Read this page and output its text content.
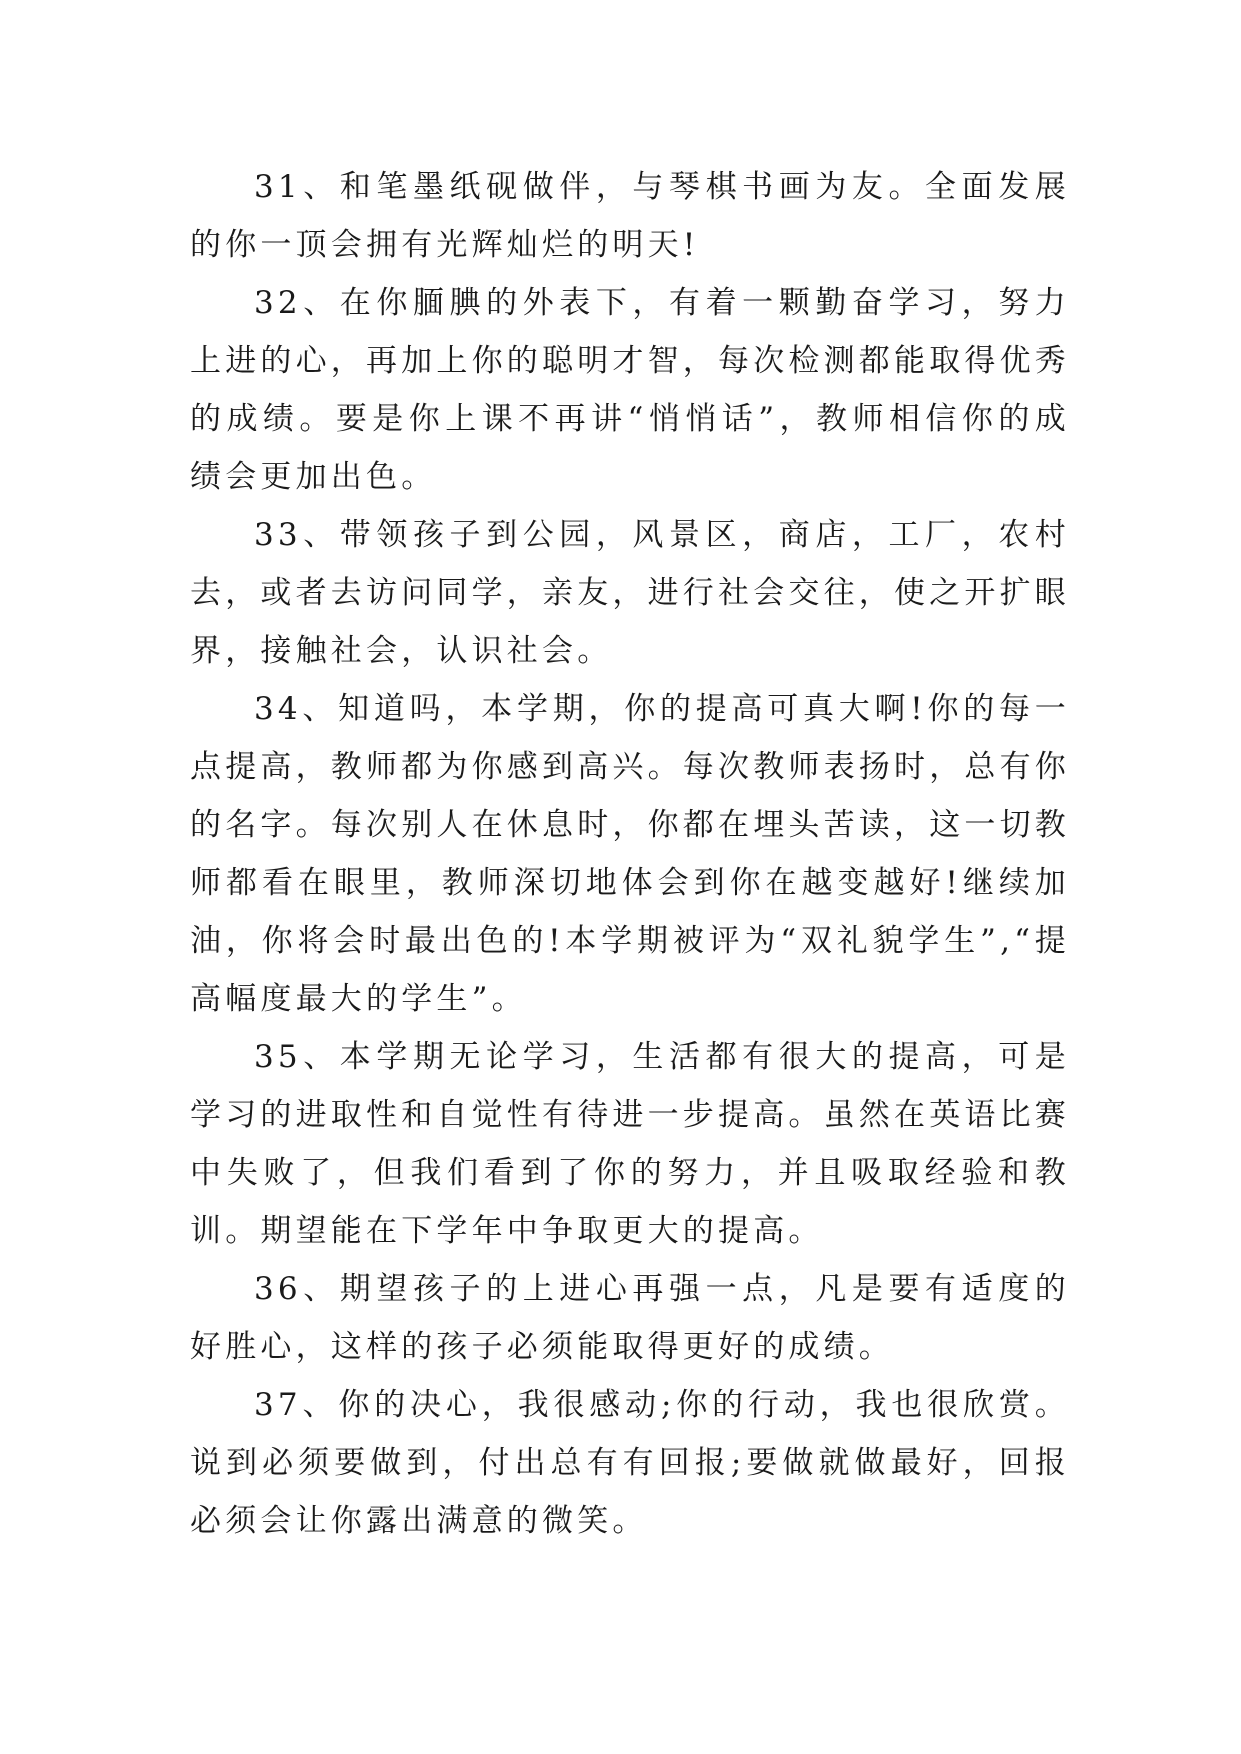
31、和笔墨纸砚做伴，与琴棋书画为友。全面发展的你一顶会拥有光辉灿烂的明天!

32、在你腼腆的外表下，有着一颗勤奋学习，努力上进的心，再加上你的聪明才智，每次检测都能取得优秀的成绩。要是你上课不再讲“悄悄话”，教师相信你的成绩会更加出色。

33、带领孩子到公园，风景区，商店，工厂，农村去，或者去访问同学，亲友，进行社会交往，使之开扩眼界，接触社会，认识社会。

34、知道吗，本学期，你的提高可真大啊!你的每一点提高，教师都为你感到高兴。每次教师表扬时，总有你的名字。每次别人在休息时，你都在埋头苦读，这一切教师都看在眼里，教师深切地体会到你在越变越好!继续加油，你将会时最出色的!本学期被评为“双礼貌学生”,“提高幅度最大的学生”。

35、本学期无论学习，生活都有很大的提高，可是学习的进取性和自觉性有待进一步提高。虽然在英语比赛中失败了，但我们看到了你的努力，并且吸取经验和教训。期望能在下学年中争取更大的提高。

36、期望孩子的上进心再强一点，凡是要有适度的好胜心，这样的孩子必须能取得更好的成绩。

37、你的决心，我很感动;你的行动，我也很欣赏。说到必须要做到，付出总有有回报;要做就做最好，回报必须会让你露出满意的微笑。
